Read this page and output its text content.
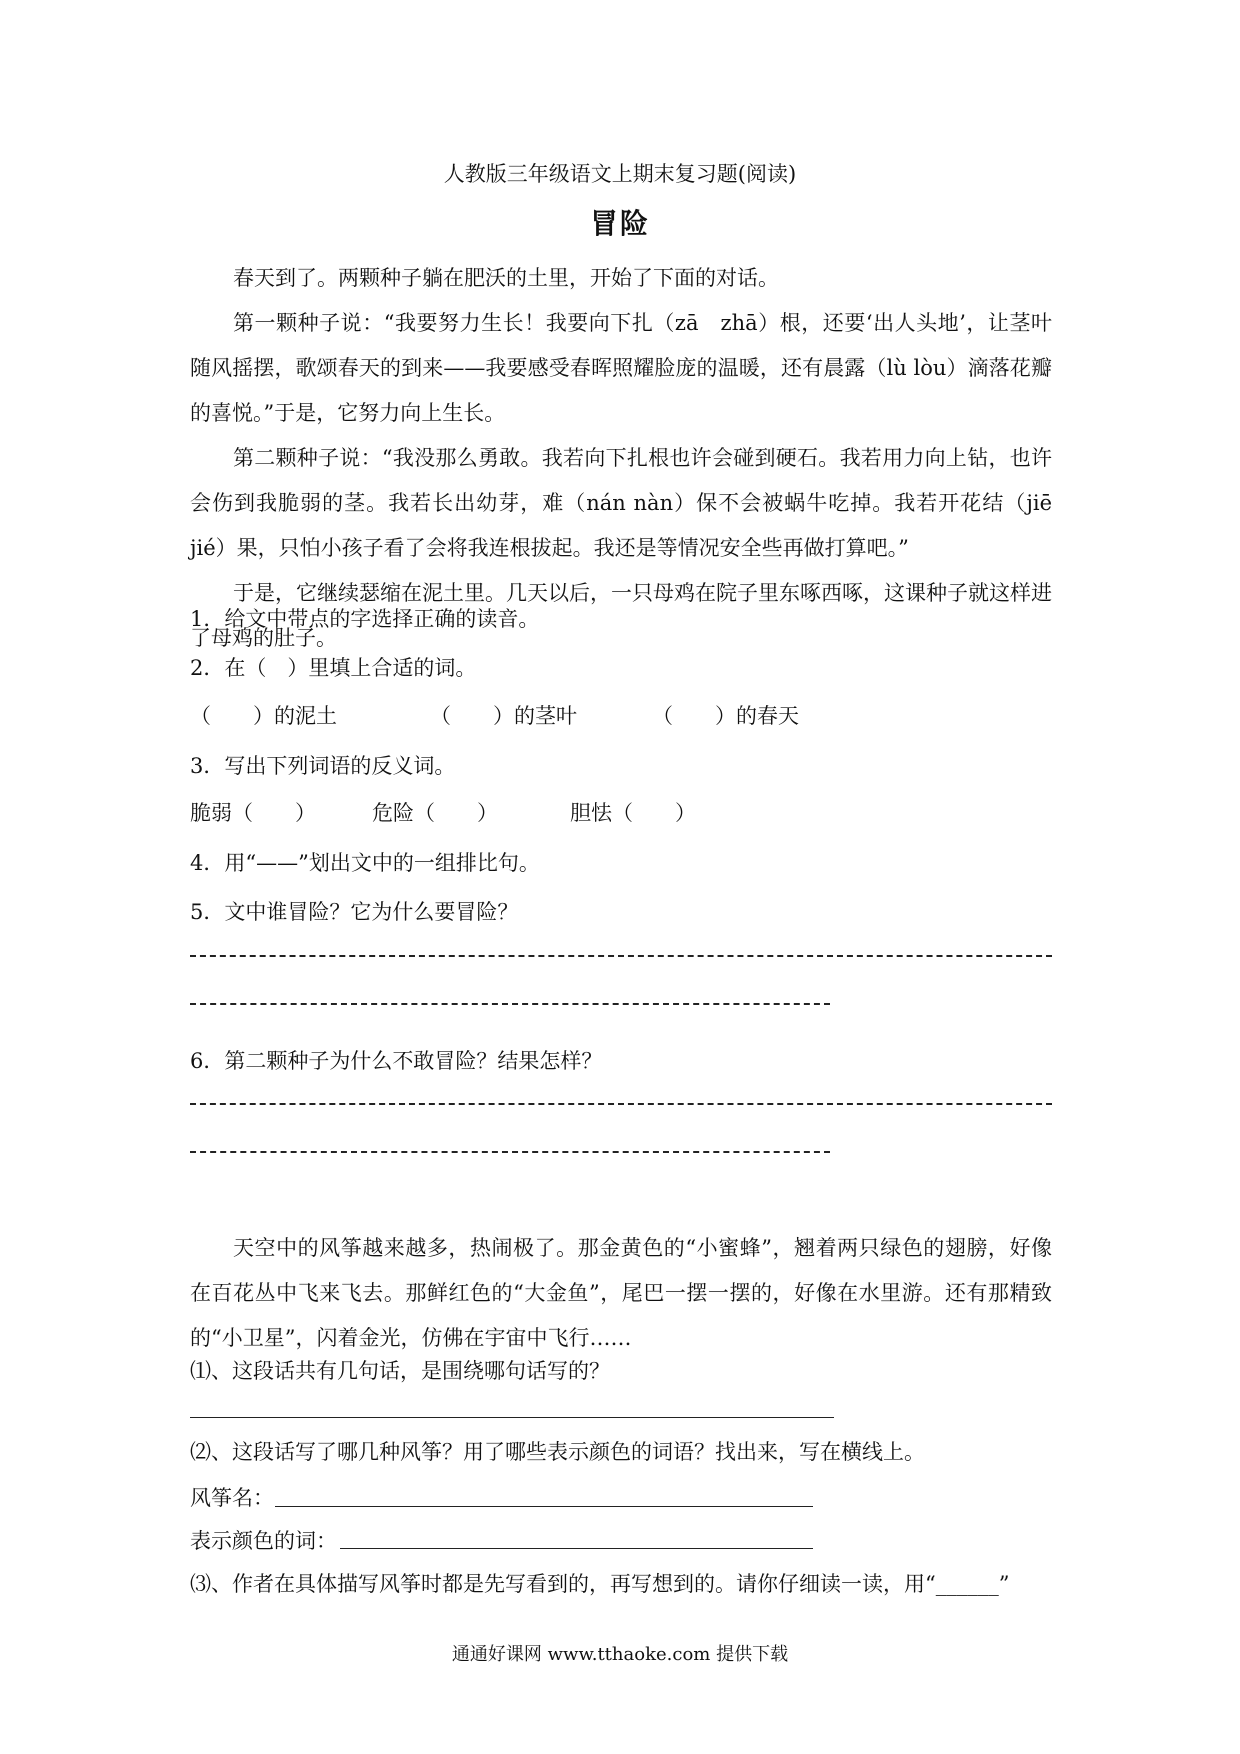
人教版三年级语文上期末复习题(阅读)
冒险

春天到了。两颗种子躺在肥沃的土里，开始了下面的对话。

第一颗种子说：“我要努力生长！我要向下扎（zā　zhā）根，还要‘出人头地’，让茎叶随风摇摆，歌颂春天的到来——我要感受春晖照耀脸庞的温暖，还有晨露（lù lòu）滴落花瓣的喜悦。”于是，它努力向上生长。

第二颗种子说：“我没那么勇敢。我若向下扎根也许会碰到硬石。我若用力向上钻，也许会伤到我脆弱的茎。我若长出幼芽，难（nán nàn）保不会被蜗牛吃掉。我若开花结（jiē jié）果，只怕小孩子看了会将我连根拔起。我还是等情况安全些再做打算吧。”

于是，它继续瑟缩在泥土里。几天以后，一只母鸡在院子里东啄西啄，这课种子就这样进了母鸡的肚子。

1．给文中带点的字选择正确的读音。
2．在（　）里填上合适的词。
（　　）的泥土	（　　）的茎叶	（　　）的春天
3．写出下列词语的反义词。
脆弱（　　）	危险（　　）	胆怯（　　）
4．用“——”划出文中的一组排比句。
5．文中谁冒险？它为什么要冒险？
6．第二颗种子为什么不敢冒险？结果怎样？

天空中的风筝越来越多，热闹极了。那金黄色的“小蜜蜂”，翘着两只绿色的翅膀，好像在百花丛中飞来飞去。那鲜红色的“大金鱼”，尾巴一摆一摆的，好像在水里游。还有那精致的“小卫星”，闪着金光，仿佛在宇宙中飞行……

⑴、这段话共有几句话，是围绕哪句话写的？
⑵、这段话写了哪几种风筝？用了哪些表示颜色的词语？找出来，写在横线上。
风筝名：
表示颜色的词：
⑶、作者在具体描写风筝时都是先写看到的，再写想到的。请你仔细读一读，用“______”
通通好课网 www.tthaoke.com 提供下载
